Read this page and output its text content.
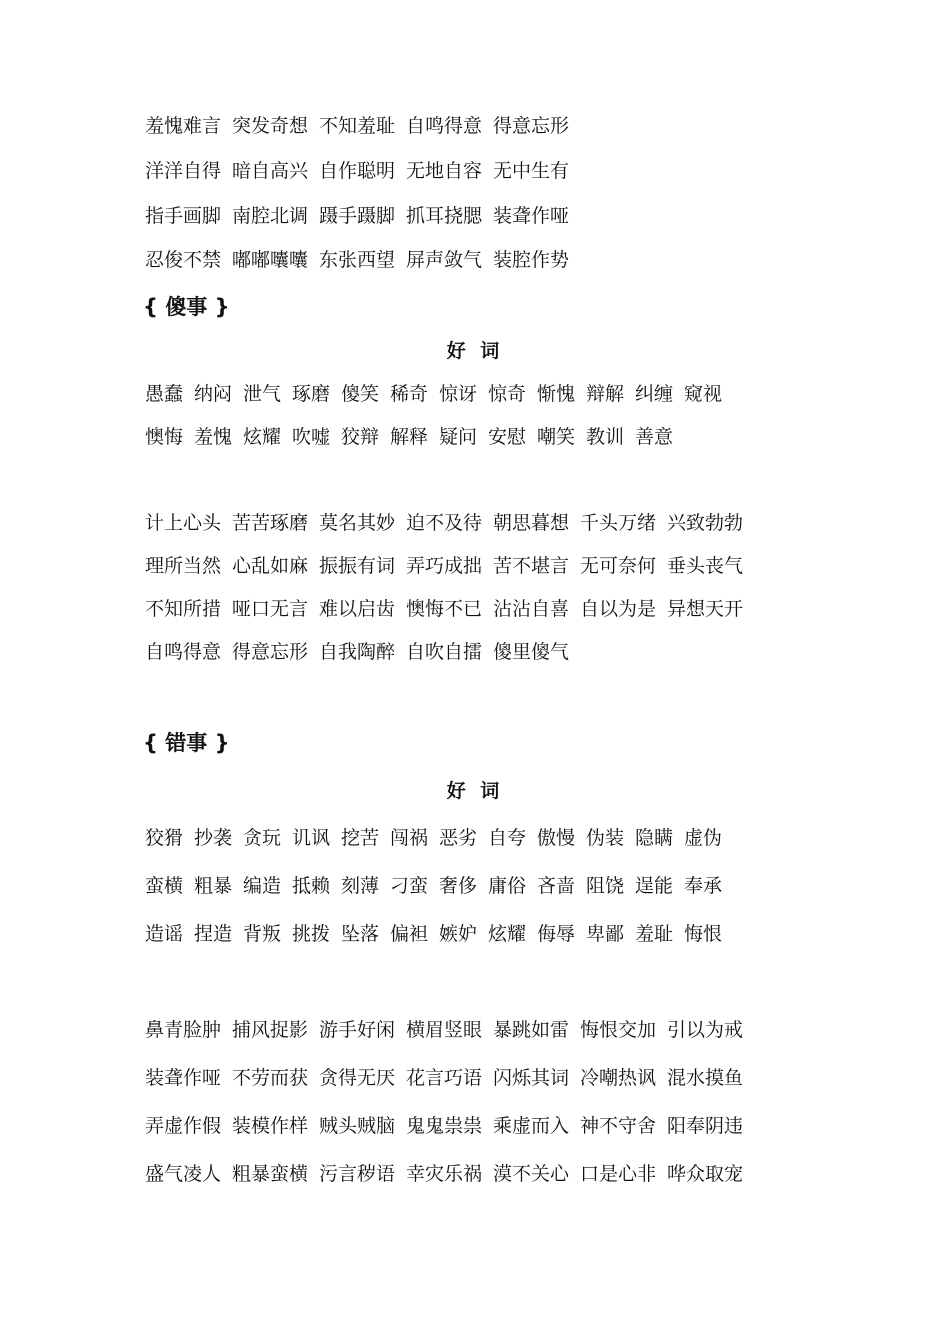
羞愧难言 突发奇想 不知羞耻 自鸣得意 得意忘形
洋洋自得 暗自高兴 自作聪明 无地自容 无中生有
指手画脚 南腔北调 蹑手蹑脚 抓耳挠腮 装聋作哑
忍俊不禁 嘟嘟囔囔 东张西望 屏声敛气 装腔作势
{ 傻事 }
好 词
愚蠢 纳闷 泄气 琢磨 傻笑 稀奇 惊讶 惊奇 惭愧 辩解 纠缠 窥视
懊悔 羞愧 炫耀 吹嘘 狡辩 解释 疑问 安慰 嘲笑 教训 善意
计上心头 苦苦琢磨 莫名其妙 迫不及待 朝思暮想 千头万绪 兴致勃勃
理所当然 心乱如麻 振振有词 弄巧成拙 苦不堪言 无可奈何 垂头丧气
不知所措 哑口无言 难以启齿 懊悔不已 沾沾自喜 自以为是 异想天开
自鸣得意 得意忘形 自我陶醉 自吹自擂 傻里傻气
{ 错事 }
好 词
狡猾 抄袭 贪玩 讥讽 挖苦 闯祸 恶劣 自夸 傲慢 伪装 隐瞒 虚伪
蛮横 粗暴 编造 抵赖 刻薄 刁蛮 奢侈 庸俗 吝啬 阻饶 逞能 奉承
造谣 捏造 背叛 挑拨 坠落 偏袒 嫉妒 炫耀 侮辱 卑鄙 羞耻 悔恨
鼻青脸肿 捕风捉影 游手好闲 横眉竖眼 暴跳如雷 悔恨交加 引以为戒
装聋作哑 不劳而获 贪得无厌 花言巧语 闪烁其词 冷嘲热讽 混水摸鱼
弄虚作假 装模作样 贼头贼脑 鬼鬼祟祟 乘虚而入 神不守舍 阳奉阴违
盛气凌人 粗暴蛮横 污言秽语 幸灾乐祸 漠不关心 口是心非 哗众取宠
